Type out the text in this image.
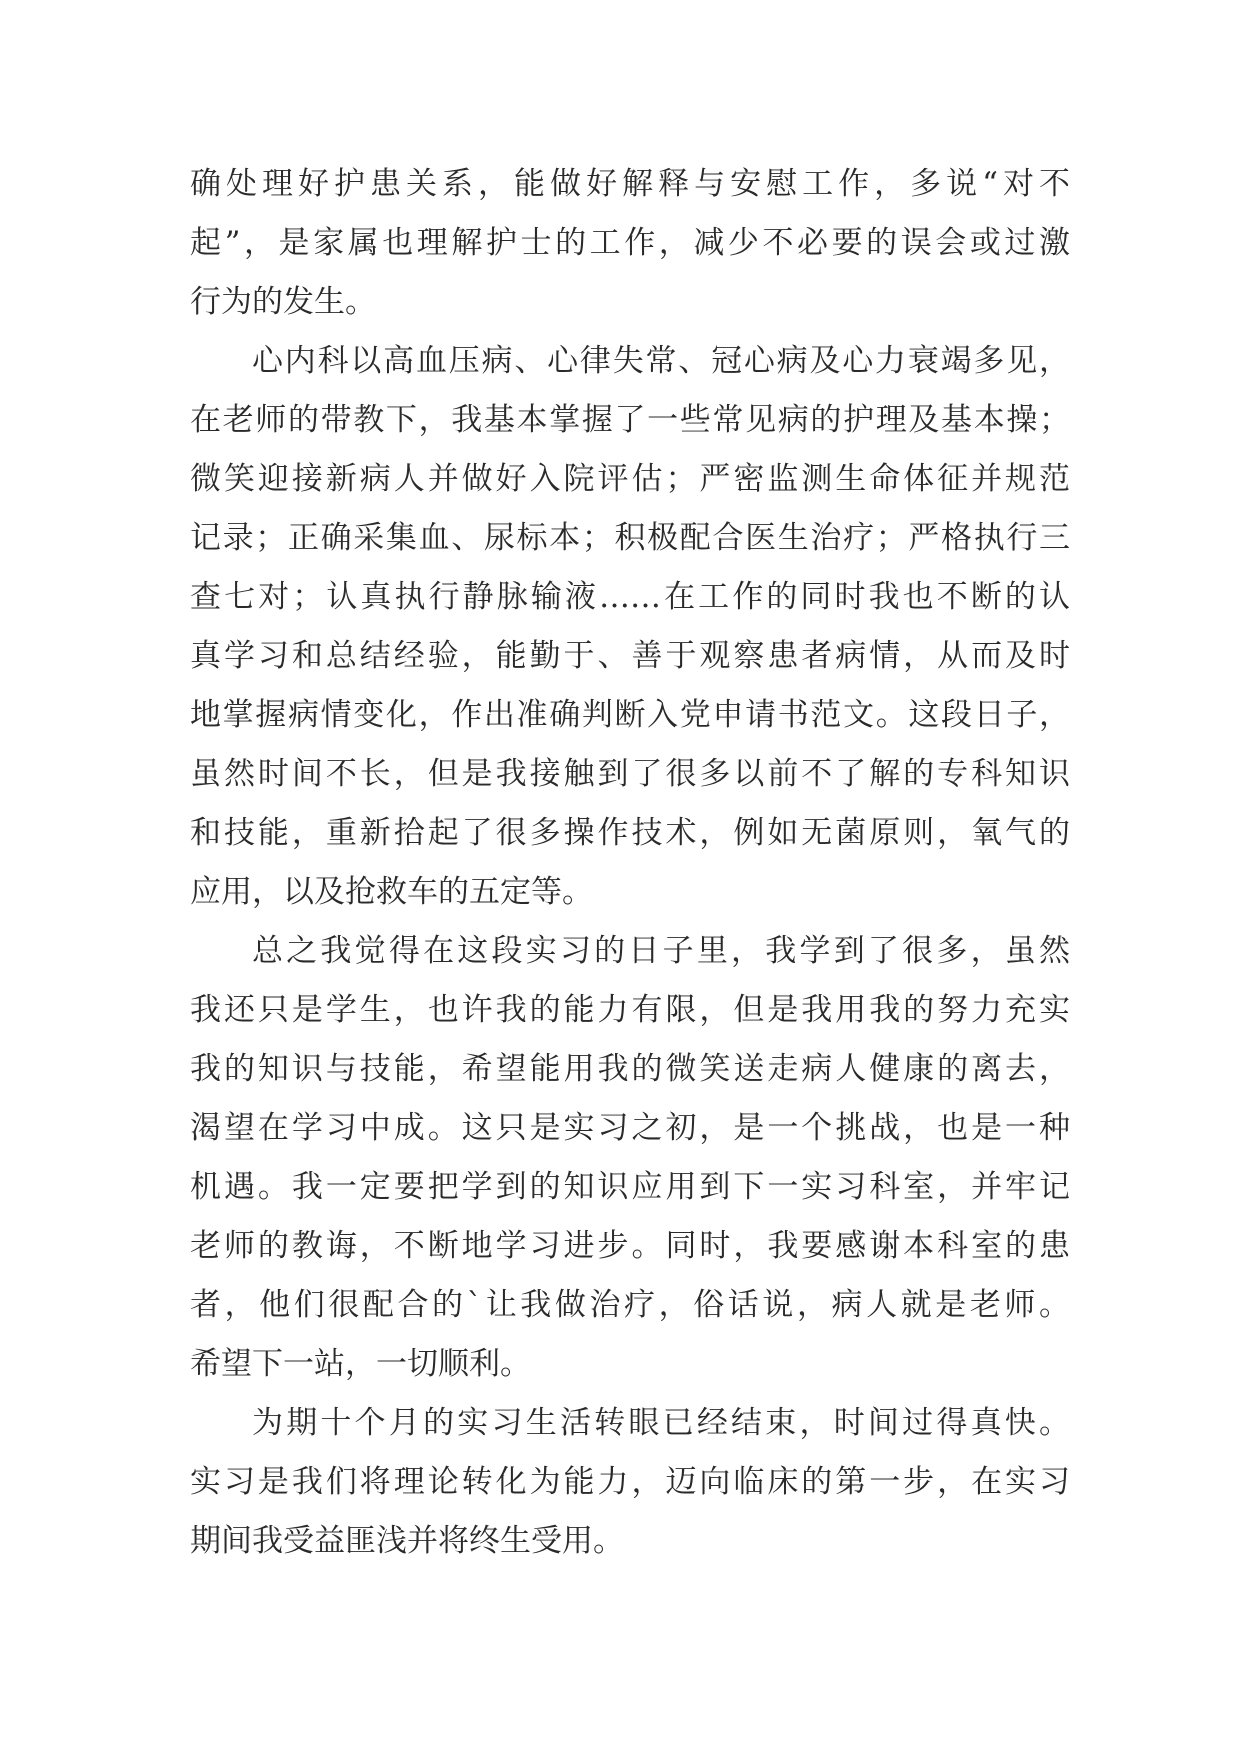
确处理好护患关系，能做好解释与安慰工作，多说“对不
起”，是家属也理解护士的工作，减少不必要的误会或过激
行为的发生。
心内科以高血压病、心律失常、冠心病及心力衰竭多见，
在老师的带教下，我基本掌握了一些常见病的护理及基本操；
微笑迎接新病人并做好入院评估；严密监测生命体征并规范
记录；正确采集血、尿标本；积极配合医生治疗；严格执行三
查七对；认真执行静脉输液……在工作的同时我也不断的认
真学习和总结经验，能勤于、善于观察患者病情，从而及时
地掌握病情变化，作出准确判断入党申请书范文。这段日子，
虽然时间不长，但是我接触到了很多以前不了解的专科知识
和技能，重新拾起了很多操作技术，例如无菌原则，氧气的
应用，以及抢救车的五定等。
总之我觉得在这段实习的日子里，我学到了很多，虽然
我还只是学生，也许我的能力有限，但是我用我的努力充实
我的知识与技能，希望能用我的微笑送走病人健康的离去，
渴望在学习中成。这只是实习之初，是一个挑战，也是一种
机遇。我一定要把学到的知识应用到下一实习科室，并牢记
老师的教诲，不断地学习进步。同时，我要感谢本科室的患
者，他们很配合的`让我做治疗，俗话说，病人就是老师。
希望下一站，一切顺利。
为期十个月的实习生活转眼已经结束，时间过得真快。
实习是我们将理论转化为能力，迈向临床的第一步，在实习
期间我受益匪浅并将终生受用。
